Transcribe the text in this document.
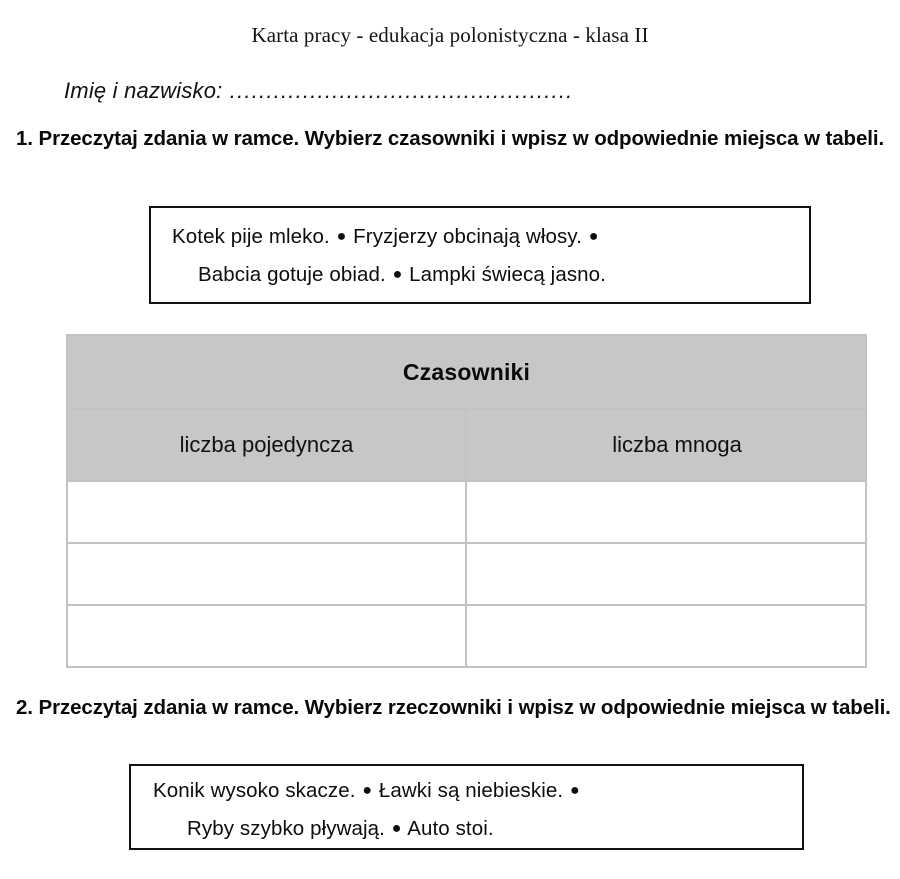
Karta pracy - edukacja polonistyczna - klasa II
Imię i nazwisko: ...............................................
1. Przeczytaj zdania w ramce. Wybierz czasowniki i wpisz w odpowiednie miejsca w tabeli.
Kotek pije mleko. ● Fryzjerzy obcinają włosy. ●
Babcia gotuje obiad. ● Lampki świecą jasno.
Czasowniki	
liczba pojedyncza	liczba mnoga

2. Przeczytaj zdania w ramce. Wybierz rzeczowniki i wpisz w odpowiednie miejsca w tabeli.
Konik wysoko skacze. ● Ławki są niebieskie. ●
Ryby szybko pływają. ● Auto stoi.
